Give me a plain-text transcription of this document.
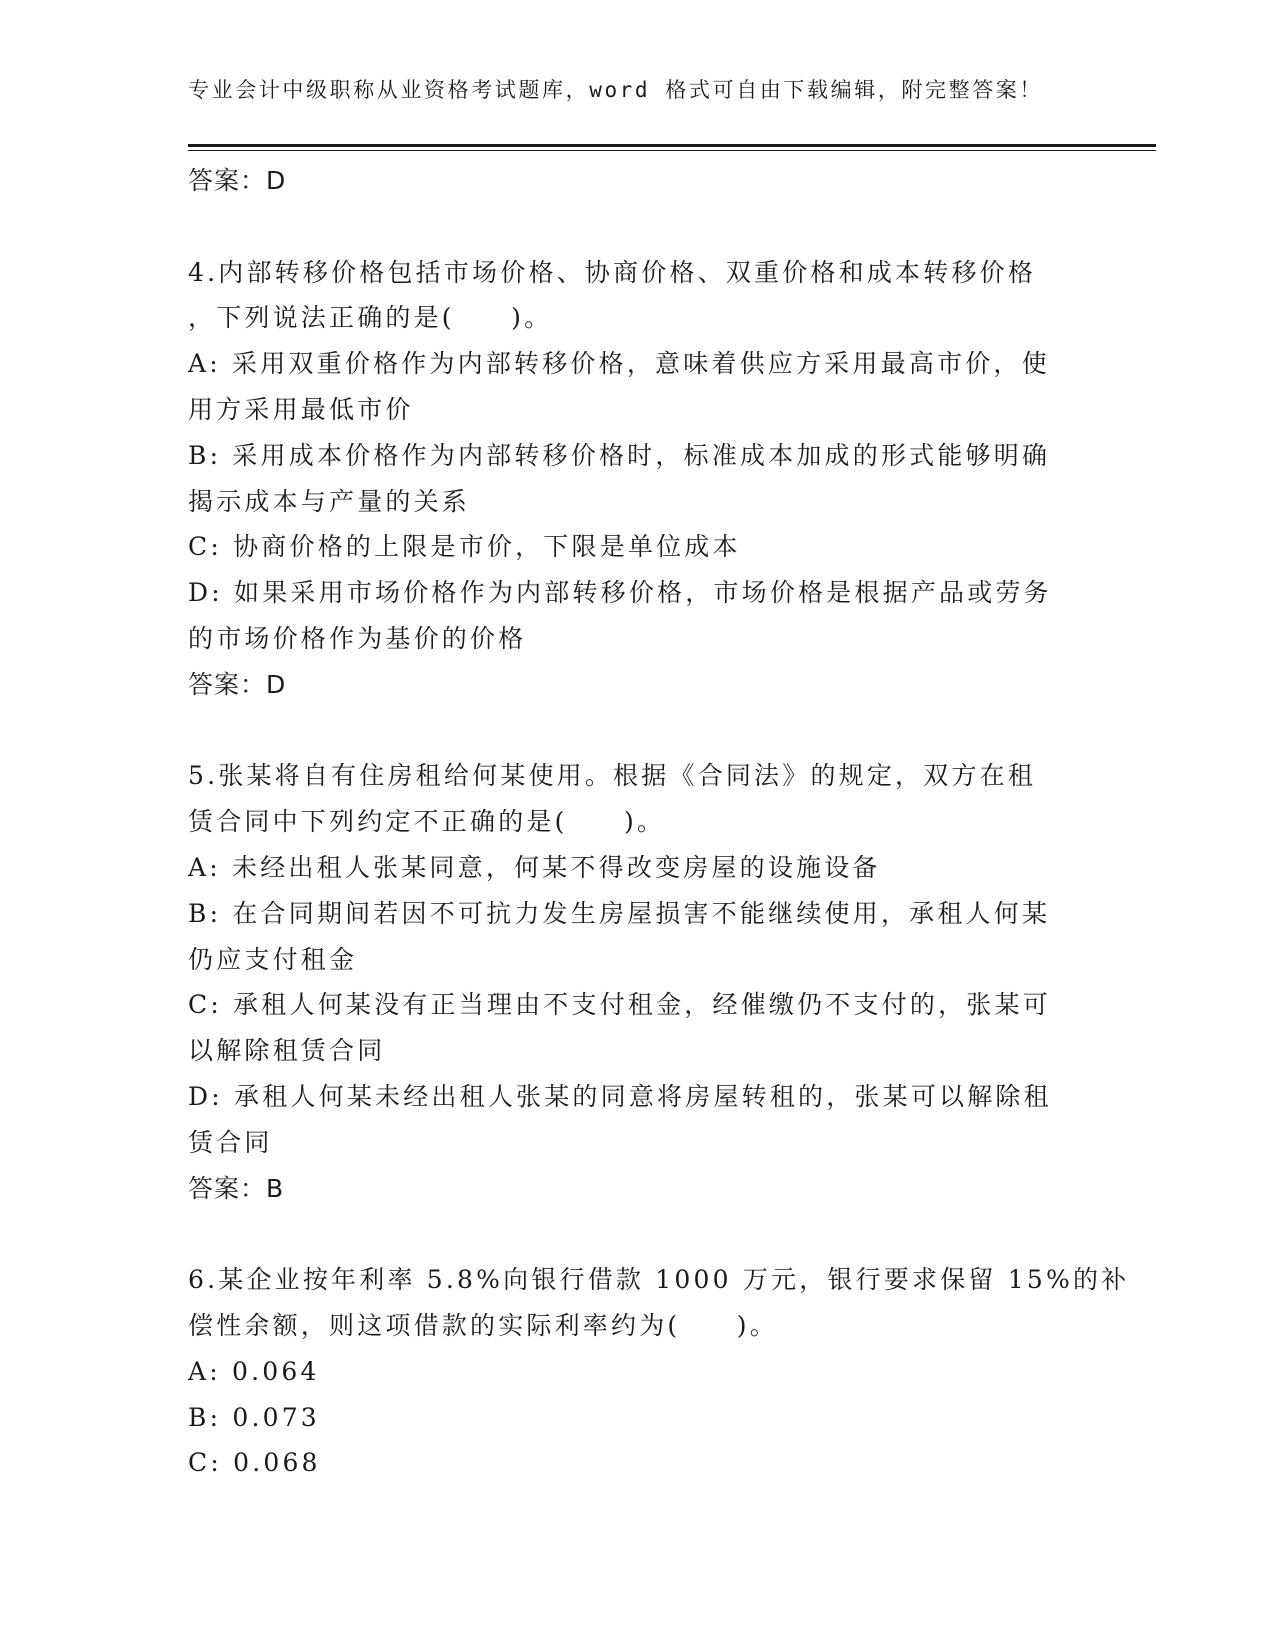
专业会计中级职称从业资格考试题库，word 格式可自由下载编辑，附完整答案！
答案：D
4.内部转移价格包括市场价格、协商价格、双重价格和成本转移价格
，下列说法正确的是(　　)。
A: 采用双重价格作为内部转移价格，意味着供应方采用最高市价，使
用方采用最低市价
B: 采用成本价格作为内部转移价格时，标准成本加成的形式能够明确
揭示成本与产量的关系
C: 协商价格的上限是市价，下限是单位成本
D: 如果采用市场价格作为内部转移价格，市场价格是根据产品或劳务
的市场价格作为基价的价格
答案：D
5.张某将自有住房租给何某使用。根据《合同法》的规定，双方在租
赁合同中下列约定不正确的是(　　)。
A: 未经出租人张某同意，何某不得改变房屋的设施设备
B: 在合同期间若因不可抗力发生房屋损害不能继续使用，承租人何某
仍应支付租金
C: 承租人何某没有正当理由不支付租金，经催缴仍不支付的，张某可
以解除租赁合同
D: 承租人何某未经出租人张某的同意将房屋转租的，张某可以解除租
赁合同
答案：B
6.某企业按年利率 5.8%向银行借款 1000 万元，银行要求保留 15%的补
偿性余额，则这项借款的实际利率约为(　　)。
A: 0.064
B: 0.073
C: 0.068
